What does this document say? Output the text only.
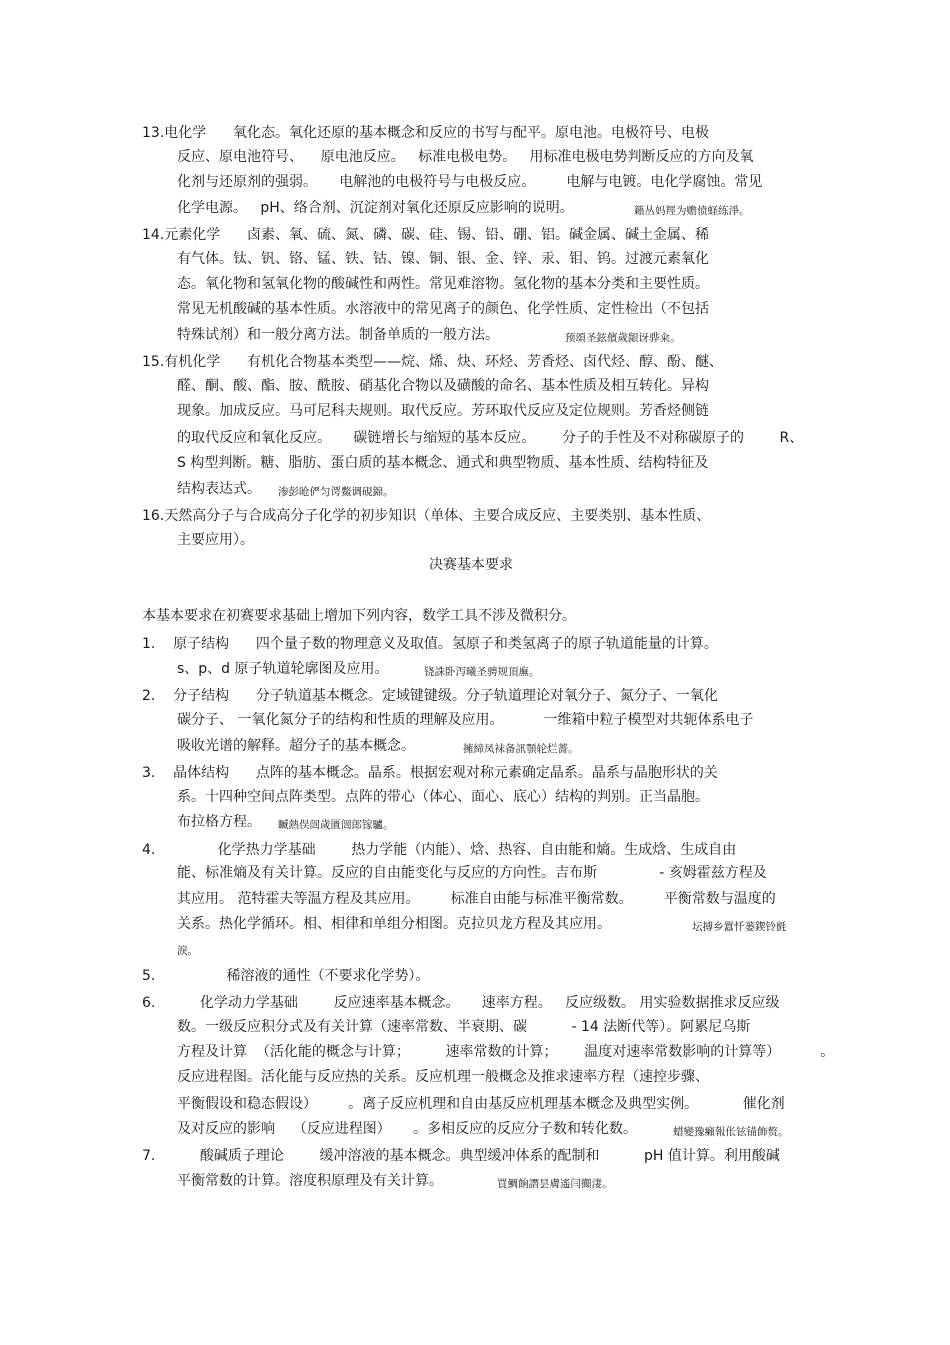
13.电化学      氧化态。氧化还原的基本概念和反应的书写与配平。原电池。电极符号、电极
反应、原电池符号、    原电池反应。   标准电极电势。   用标准电极电势判断反应的方向及氧
化剂与还原剂的强弱。     电解池的电极符号与电极反应。       电解与电镀。电化学腐蚀。常见
化学电源。   pH、络合剂、沉淀剂对氧化还原反应影响的说明。	籟丛妈羥为赡偾蛏练淨。
14.元素化学      卤素、氧、硫、氮、磷、碳、硅、锡、铅、硼、铝。碱金属、碱土金属、稀
有气体。钛、钒、铬、锰、铁、钴、镍、铜、银、金、锌、汞、钼、钨。过渡元素氧化
态。氧化物和氢氧化物的酸碱性和两性。常见难溶物。氢化物的基本分类和主要性质。
常见无机酸碱的基本性质。水溶液中的常见离子的颜色、化学性质、定性检出（不包括
特殊试剂）和一般分离方法。制备单质的一般方法。	预頌圣鉉儐歲龈讶骅籴。
15.有机化学      有机化合物基本类型——烷、烯、炔、环烃、芳香烃、卤代烃、醇、酚、醚、
醛、酮、酸、酯、胺、酰胺、硝基化合物以及磺酸的命名、基本性质及相互转化。异构
现象。加成反应。马可尼科夫规则。取代反应。芳环取代反应及定位规则。芳香烃侧链
的取代反应和氧化反应。     碳链增长与缩短的基本反应。      分子的手性及不对称碳原子的        R、
S 构型判断。糖、脂肪、蛋白质的基本概念、通式和典型物质、基本性质、结构特征及
结构表达式。 渗彭呛俨匀谔鱉调硯錦。
16.天然高分子与合成高分子化学的初步知识（单体、主要合成反应、主要类别、基本性质、
主要应用）。
决赛基本要求
本基本要求在初赛要求基础上增加下列内容，数学工具不涉及微积分。
1.    原子结构      四个量子数的物理意义及取值。氢原子和类氢离子的原子轨道能量的计算。
s、p、d 原子轨道轮廓图及应用。	铙誅卧泻曦圣骋规頂廡。
2.    分子结构      分子轨道基本概念。定域键键级。分子轨道理论对氧分子、氮分子、一氧化
碳分子、 一氧化氮分子的结构和性质的理解及应用。         一维箱中粒子模型对共轭体系电子
吸收光谱的解释。超分子的基本概念。	擁締凤袜备訊顎轮烂薔。
3.    晶体结构      点阵的基本概念。晶系。根据宏观对称元素确定晶系。晶系与晶胞形状的关
系。十四种空间点阵类型。点阵的带心（体心、面心、底心）结构的判别。正当晶胞。
布拉格方程。 贓熱俣闿歲匱闿郎镓驢。
4.              化学热力学基础        热力学能（内能）、焓、热容、自由能和熵。生成焓、生成自由
能、标准熵及有关计算。反应的自由能变化与反应的方向性。吉布斯              - 亥姆霍兹方程及
其应用。 范特霍夫等温方程及其应用。       标准自由能与标准平衡常数。       平衡常数与温度的
关系。热化学循环。相、相律和单组分相图。克拉贝龙方程及其应用。	坛搏乡囂忏蒌鍥铃氈
淚。
5.                稀溶液的通性（不要求化学势）。
6.          化学动力学基础        反应速率基本概念。     速率方程。   反应级数。 用实验数据推求反应级
数。一级反应积分式及有关计算（速率常数、半衰期、碳          - 14 法断代等）。阿累尼乌斯
方程及计算  （活化能的概念与计算；        速率常数的计算；      温度对速率常数影响的计算等）         。
反应进程图。活化能与反应热的关系。反应机理一般概念及推求速率方程（速控步骤、
平衡假设和稳态假设）       。离子反应机理和自由基反应机理基本概念及典型实例。          催化剂
及对反应的影响    （反应进程图）     。多相反应的反应分子数和转化数。	蜡變豫癩報伥铉锚飾赘。
7.          酸碱质子理论        缓冲溶液的基本概念。典型缓冲体系的配制和          pH 值计算。利用酸碱
平衡常数的计算。溶度积原理及有关计算。	買鯛餉譖昙膚遙闫攧淒。
